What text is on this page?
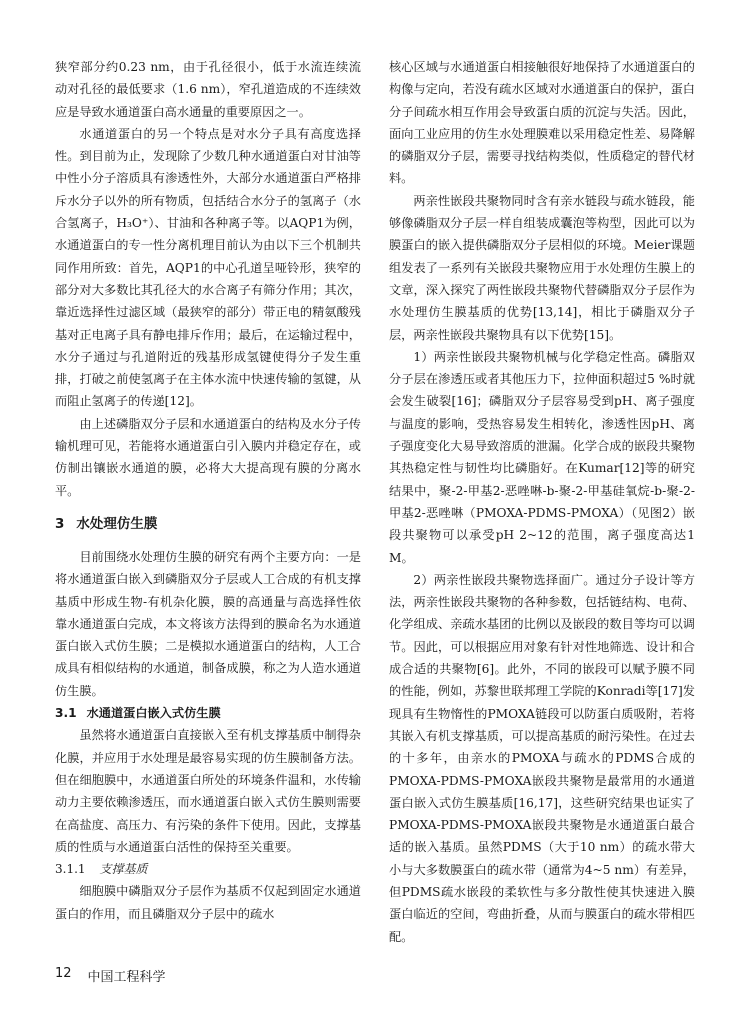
狭窄部分约0.23 nm，由于孔径很小，低于水流连续流动对孔径的最低要求（1.6 nm），窄孔道造成的不连续效应是导致水通道蛋白高水通量的重要原因之一。

水通道蛋白的另一个特点是对水分子具有高度选择性。到目前为止，发现除了少数几种水通道蛋白对甘油等中性小分子溶质具有渗透性外，大部分水通道蛋白严格排斥水分子以外的所有物质，包括结合水分子的氢离子（水合氢离子，H₃O⁺）、甘油和各种离子等。以AQP1为例，水通道蛋白的专一性分离机理目前认为由以下三个机制共同作用所致：首先，AQP1的中心孔道呈哑铃形，狭窄的部分对大多数比其孔径大的水合离子有筛分作用；其次，靠近选择性过滤区域（最狭窄的部分）带正电的精氨酸残基对正电离子具有静电排斥作用；最后，在运输过程中，水分子通过与孔道附近的残基形成氢键使得分子发生重排，打破之前使氢离子在主体水流中快速传输的氢键，从而阻止氢离子的传递[12]。

由上述磷脂双分子层和水通道蛋白的结构及水分子传输机理可见，若能将水通道蛋白引入膜内并稳定存在，或仿制出镶嵌水通道的膜，必将大大提高现有膜的分离水平。

3 水处理仿生膜

目前围绕水处理仿生膜的研究有两个主要方向：一是将水通道蛋白嵌入到磷脂双分子层或人工合成的有机支撑基质中形成生物-有机杂化膜，膜的高通量与高选择性依靠水通道蛋白完成，本文将该方法得到的膜命名为水通道蛋白嵌入式仿生膜；二是模拟水通道蛋白的结构，人工合成具有相似结构的水通道，制备成膜，称之为人造水通道仿生膜。

3.1 水通道蛋白嵌入式仿生膜

虽然将水通道蛋白直接嵌入至有机支撑基质中制得杂化膜，并应用于水处理是最容易实现的仿生膜制备方法。但在细胞膜中，水通道蛋白所处的环境条件温和，水传输动力主要依赖渗透压，而水通道蛋白嵌入式仿生膜则需要在高盐度、高压力、有污染的条件下使用。因此，支撑基质的性质与水通道蛋白活性的保持至关重要。

3.1.1 支撑基质

细胞膜中磷脂双分子层作为基质不仅起到固定水通道蛋白的作用，而且磷脂双分子层中的疏水

核心区域与水通道蛋白相接触很好地保持了水通道蛋白的构像与定向，若没有疏水区域对水通道蛋白的保护，蛋白分子间疏水相互作用会导致蛋白质的沉淀与失活。因此，面向工业应用的仿生水处理膜难以采用稳定性差、易降解的磷脂双分子层，需要寻找结构类似，性质稳定的替代材料。

两亲性嵌段共聚物同时含有亲水链段与疏水链段，能够像磷脂双分子层一样自组装成囊泡等构型，因此可以为膜蛋白的嵌入提供磷脂双分子层相似的环境。Meier课题组发表了一系列有关嵌段共聚物应用于水处理仿生膜上的文章，深入探究了两性嵌段共聚物代替磷脂双分子层作为水处理仿生膜基质的优势[13,14]，相比于磷脂双分子层，两亲性嵌段共聚物具有以下优势[15]。

1）两亲性嵌段共聚物机械与化学稳定性高。磷脂双分子层在渗透压或者其他压力下，拉伸面积超过5 %时就会发生破裂[16]；磷脂双分子层容易受到pH、离子强度与温度的影响，受热容易发生相转化，渗透性因pH、离子强度变化大易导致溶质的泄漏。化学合成的嵌段共聚物其热稳定性与韧性均比磷脂好。在Kumar[12]等的研究结果中，聚-2-甲基2-恶唑啉-b-聚-2-甲基硅氧烷-b-聚-2-甲基2-恶唑啉（PMOXA-PDMS-PMOXA）（见图2）嵌段共聚物可以承受pH 2~12的范围，离子强度高达1 M。

2）两亲性嵌段共聚物选择面广。通过分子设计等方法，两亲性嵌段共聚物的各种参数，包括链结构、电荷、化学组成、亲疏水基团的比例以及嵌段的数目等均可以调节。因此，可以根据应用对象有针对性地筛选、设计和合成合适的共聚物[6]。此外，不同的嵌段可以赋予膜不同的性能，例如，苏黎世联邦理工学院的Konradi等[17]发现具有生物惰性的PMOXA链段可以防蛋白质吸附，若将其嵌入有机支撑基质，可以提高基质的耐污染性。在过去的十多年，由亲水的PMOXA与疏水的PDMS合成的PMOXA-PDMS-PMOXA嵌段共聚物是最常用的水通道蛋白嵌入式仿生膜基质[16,17]，这些研究结果也证实了PMOXA-PDMS-PMOXA嵌段共聚物是水通道蛋白最合适的嵌入基质。虽然PDMS（大于10 nm）的疏水带大小与大多数膜蛋白的疏水带（通常为4~5 nm）有差异，但PDMS疏水嵌段的柔软性与多分散性使其快速进入膜蛋白临近的空间，弯曲折叠，从而与膜蛋白的疏水带相匹配。

12 中国工程科学
